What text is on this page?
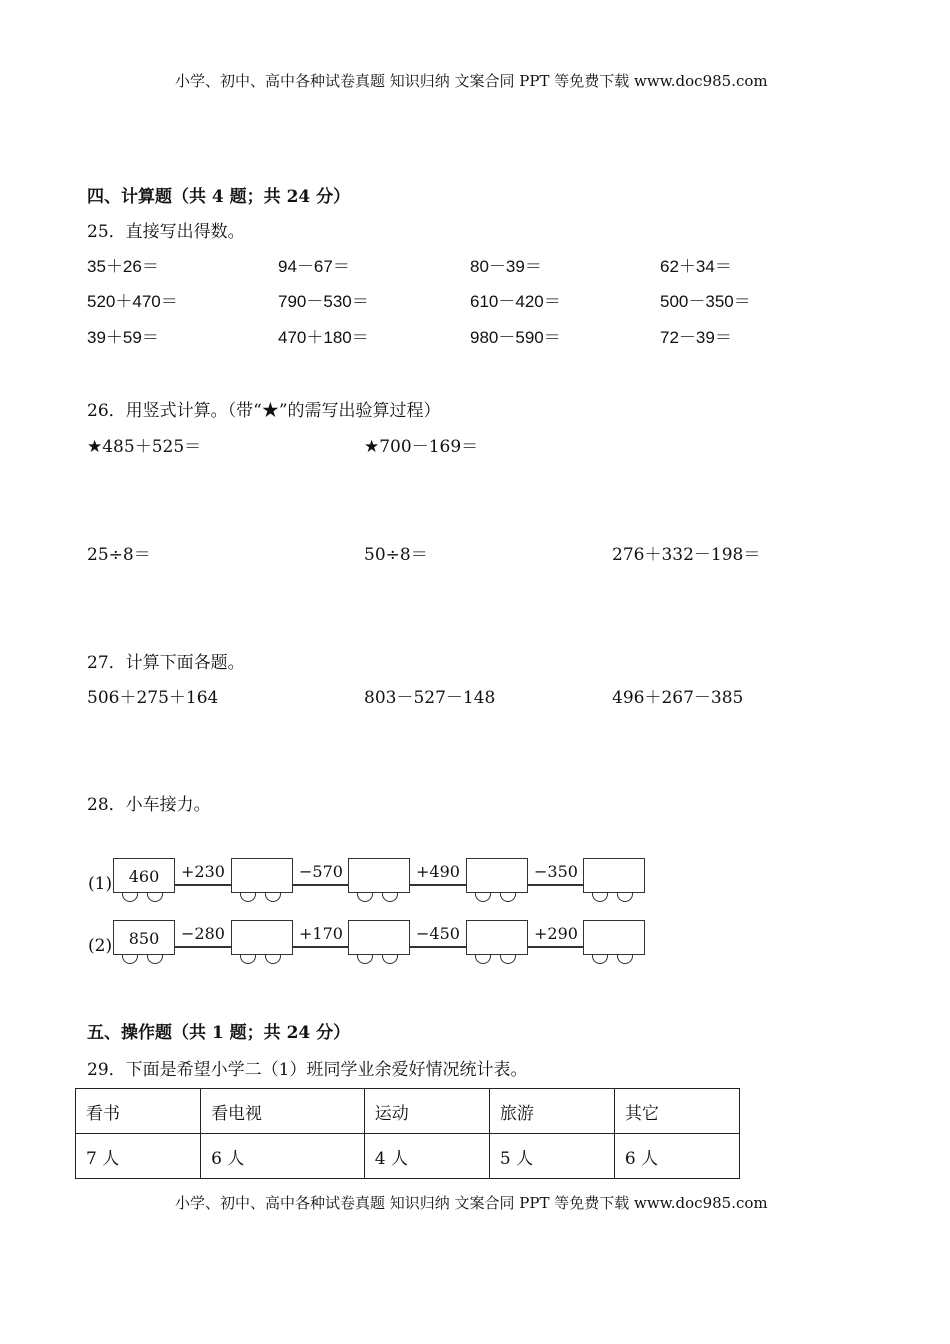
小学、初中、高中各种试卷真题 知识归纳 文案合同 PPT 等免费下载 www.doc985.com
四、计算题（共 4 题；共 24 分）
25．直接写出得数。
35＋26＝	94－67＝	80－39＝	62＋34＝
520＋470＝	790－530＝	610－420＝	500－350＝
39＋59＝	470＋180＝	980－590＝	72－39＝
26．用竖式计算。（带“★”的需写出验算过程）
★485＋525＝	★700－169＝
25÷8＝	50÷8＝	276＋332－198＝
27．计算下面各题。
506＋275＋164	803－527－148	496＋267－385
28．小车接力。
(1)	460	+230	−570	+490	−350
(2)	850	−280	+170	−450	+290
五、操作题（共 1 题；共 24 分）
29．下面是希望小学二（1）班同学业余爱好情况统计表。
看书	看电视	运动	旅游	其它
7 人	6 人	4 人	5 人	6 人
小学、初中、高中各种试卷真题 知识归纳 文案合同 PPT 等免费下载 www.doc985.com
